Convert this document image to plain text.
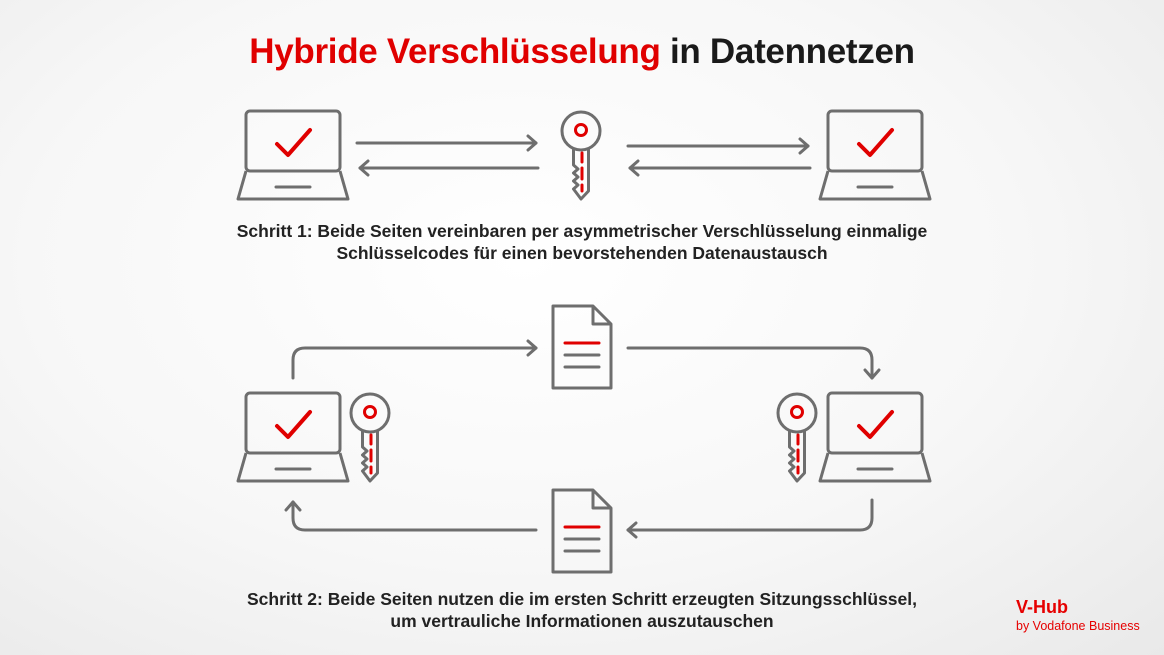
Hybride Verschlüsselung in Datennetzen
Schritt 1: Beide Seiten vereinbaren per asymmetrischer Verschlüsselung einmalige
Schlüsselcodes für einen bevorstehenden Datenaustausch
Schritt 2: Beide Seiten nutzen die im ersten Schritt erzeugten Sitzungsschlüssel,
um vertrauliche Informationen auszutauschen
V-Hub
by Vodafone Business
